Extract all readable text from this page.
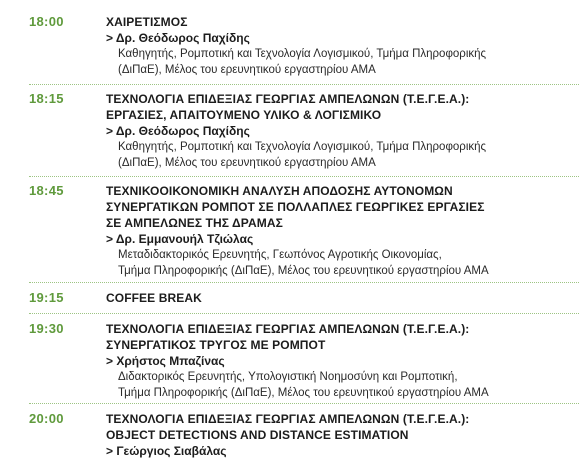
18:00	ΧΑΙΡΕΤΙΣΜΟΣ

> Δρ. Θεόδωρος Παχίδης

Καθηγητής, Ρομποτική και Τεχνολογία Λογισμικού, Τμήμα Πληροφορικής
(ΔιΠαΕ), Μέλος του ερευνητικού εργαστηρίου ΑΜΑ

18:15	ΤΕΧΝΟΛΟΓΙΑ ΕΠΙΔΕΞΙΑΣ ΓΕΩΡΓΙΑΣ ΑΜΠΕΛΩΝΩΝ (Τ.Ε.Γ.Ε.Α.):
ΕΡΓΑΣΙΕΣ, ΑΠΑΙΤΟΥΜΕΝΟ ΥΛΙΚΟ & ΛΟΓΙΣΜΙΚΟ

> Δρ. Θεόδωρος Παχίδης

Καθηγητής, Ρομποτική και Τεχνολογία Λογισμικού, Τμήμα Πληροφορικής
(ΔιΠαΕ), Μέλος του ερευνητικού εργαστηρίου ΑΜΑ

18:45	ΤΕΧΝΙΚΟΟΙΚΟΝΟΜΙΚΗ ΑΝΑΛΥΣΗ ΑΠΟΔΟΣΗΣ ΑΥΤΟΝΟΜΩΝ
ΣΥΝΕΡΓΑΤΙΚΩΝ ΡΟΜΠΟΤ ΣΕ ΠΟΛΛΑΠΛΕΣ ΓΕΩΡΓΙΚΕΣ ΕΡΓΑΣΙΕΣ
ΣΕ ΑΜΠΕΛΩΝΕΣ ΤΗΣ ΔΡΑΜΑΣ

> Δρ. Εμμανουήλ Τζιώλας

Μεταδιδακτορικός Ερευνητής, Γεωπόνος Αγροτικής Οικονομίας,
Τμήμα Πληροφορικής (ΔιΠαΕ), Μέλος του ερευνητικού εργαστηρίου ΑΜΑ

19:15	COFFEE BREAK

19:30	ΤΕΧΝΟΛΟΓΙΑ ΕΠΙΔΕΞΙΑΣ ΓΕΩΡΓΙΑΣ ΑΜΠΕΛΩΝΩΝ (Τ.Ε.Γ.Ε.Α.):
ΣΥΝΕΡΓΑΤΙΚΟΣ ΤΡΥΓΟΣ ΜΕ ΡΟΜΠΟΤ

> Χρήστος Μπαζίνας

Διδακτορικός Ερευνητής, Υπολογιστική Νοημοσύνη και Ρομποτική,
Τμήμα Πληροφορικής (ΔιΠαΕ), Μέλος του ερευνητικού εργαστηρίου ΑΜΑ

20:00	ΤΕΧΝΟΛΟΓΙΑ ΕΠΙΔΕΞΙΑΣ ΓΕΩΡΓΙΑΣ ΑΜΠΕΛΩΝΩΝ (Τ.Ε.Γ.Ε.Α.):
OBJECT DETECTIONS AND DISTANCE ESTIMATION

> Γεώργιος Σιαβάλας
